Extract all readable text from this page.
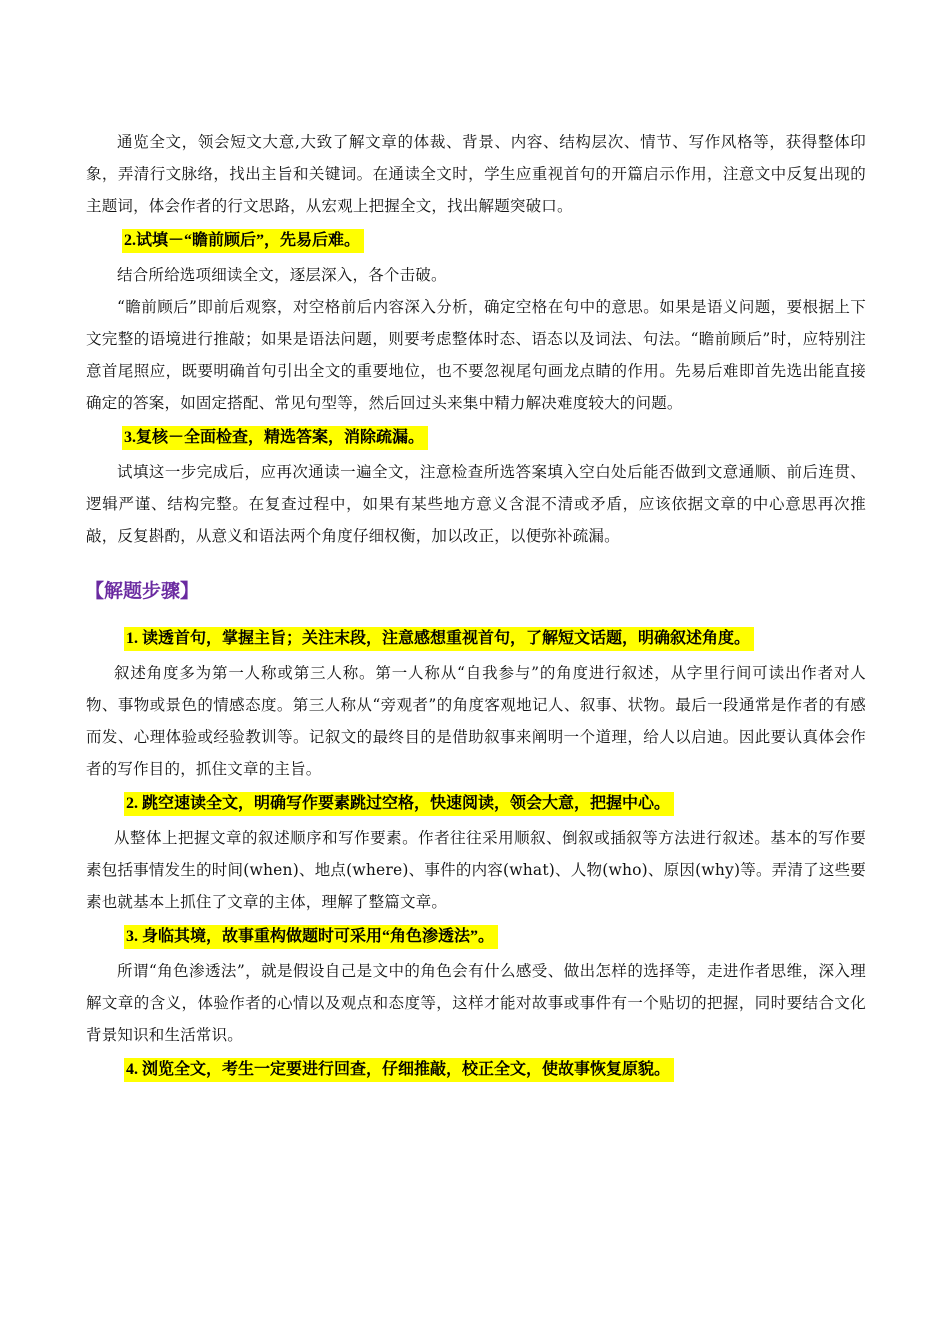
通览全文，领会短文大意,大致了解文章的体裁、背景、内容、结构层次、情节、写作风格等，获得整体印象，弄清行文脉络，找出主旨和关键词。在通读全文时，学生应重视首句的开篇启示作用，注意文中反复出现的主题词，体会作者的行文思路，从宏观上把握全文，找出解题突破口。

2.试填－“瞻前顾后”，先易后难。

结合所给选项细读全文，逐层深入，各个击破。

“瞻前顾后”即前后观察，对空格前后内容深入分析，确定空格在句中的意思。如果是语义问题，要根据上下文完整的语境进行推敲；如果是语法问题，则要考虑整体时态、语态以及词法、句法。“瞻前顾后”时，应特别注意首尾照应，既要明确首句引出全文的重要地位，也不要忽视尾句画龙点睛的作用。先易后难即首先选出能直接确定的答案，如固定搭配、常见句型等，然后回过头来集中精力解决难度较大的问题。

3.复核－全面检查，精选答案，消除疏漏。

试填这一步完成后，应再次通读一遍全文，注意检查所选答案填入空白处后能否做到文意通顺、前后连贯、逻辑严谨、结构完整。在复查过程中，如果有某些地方意义含混不清或矛盾，应该依据文章的中心意思再次推敲，反复斟酌，从意义和语法两个角度仔细权衡，加以改正，以便弥补疏漏。

【解题步骤】
1. 读透首句，掌握主旨；关注末段，注意感想重视首句，了解短文话题，明确叙述角度。

叙述角度多为第一人称或第三人称。第一人称从“自我参与”的角度进行叙述，从字里行间可读出作者对人物、事物或景色的情感态度。第三人称从“旁观者”的角度客观地记人、叙事、状物。最后一段通常是作者的有感而发、心理体验或经验教训等。记叙文的最终目的是借助叙事来阐明一个道理，给人以启迪。因此要认真体会作者的写作目的，抓住文章的主旨。

2. 跳空速读全文，明确写作要素跳过空格，快速阅读，领会大意，把握中心。

从整体上把握文章的叙述顺序和写作要素。作者往往采用顺叙、倒叙或插叙等方法进行叙述。基本的写作要素包括事情发生的时间(when)、地点(where)、事件的内容(what)、人物(who)、原因(why)等。弄清了这些要素也就基本上抓住了文章的主体，理解了整篇文章。

3. 身临其境，故事重构做题时可采用“角色渗透法”。

所谓“角色渗透法”，就是假设自己是文中的角色会有什么感受、做出怎样的选择等，走进作者思维，深入理解文章的含义，体验作者的心情以及观点和态度等，这样才能对故事或事件有一个贴切的把握，同时要结合文化背景知识和生活常识。

4. 浏览全文，考生一定要进行回查，仔细推敲，校正全文，使故事恢复原貌。
